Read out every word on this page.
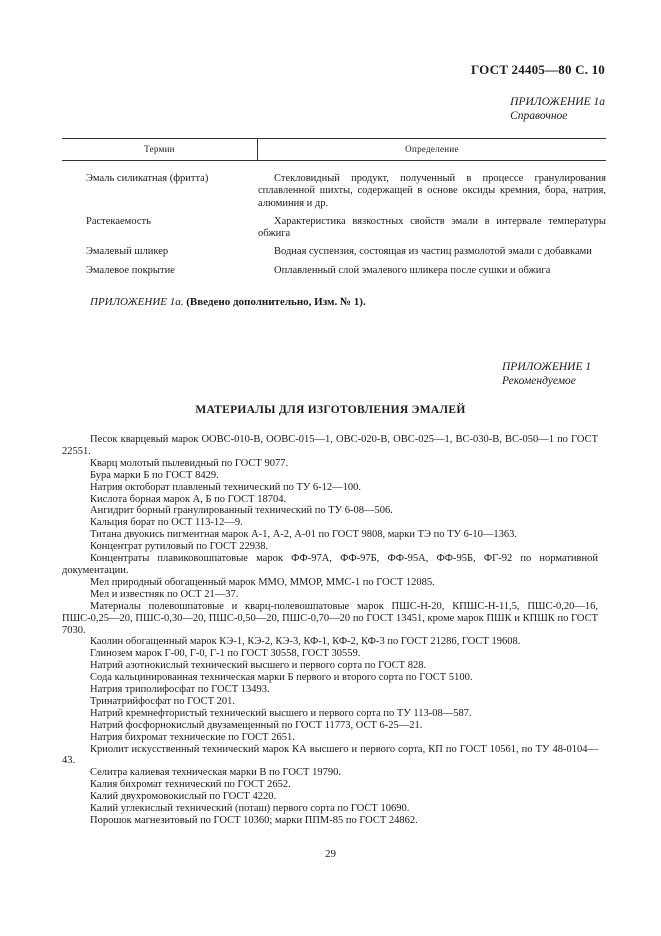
ГОСТ 24405—80 С. 10
ПРИЛОЖЕНИЕ 1а
Справочное
Термин	Определение
Эмаль силикатная (фритта)	Стекловидный продукт, полученный в процессе гранулирования сплавленной шихты, содержащей в основе оксиды кремния, бора, натрия, алюминия и др.
Растекаемость	Характеристика вязкостных свойств эмали в интервале температуры обжига
Эмалевый шликер	Водная суспензия, состоящая из частиц размолотой эмали с добавками
Эмалевое покрытие	Оплавленный слой эмалевого шликера после сушки и обжига
ПРИЛОЖЕНИЕ 1а. (Введено дополнительно, Изм. № 1).
ПРИЛОЖЕНИЕ 1
Рекомендуемое
МАТЕРИАЛЫ ДЛЯ ИЗГОТОВЛЕНИЯ ЭМАЛЕЙ

Песок кварцевый марок ООВС-010-В, ООВС-015—1, ОВС-020-В, ОВС-025—1, ВС-030-В, ВС-050—1 по ГОСТ 22551.

Кварц молотый пылевидный по ГОСТ 9077.

Бура марки Б по ГОСТ 8429.

Натрия октоборат плавленый технический по ТУ 6-12—100.

Кислота борная марок А, Б по ГОСТ 18704.

Ангидрит борный гранулированный технический по ТУ 6-08—506.

Кальция борат по ОСТ 113-12—9.

Титана двуокись пигментная марок А-1, А-2, А-01 по ГОСТ 9808, марки ТЭ по ТУ 6-10—1363.

Концентрат рутиловый по ГОСТ 22938.

Концентраты плавиковошпатовые марок ФФ-97А, ФФ-97Б, ФФ-95А, ФФ-95Б, ФГ-92 по нормативной документации.

Мел природный обогащенный марок ММО, ММОР, ММС-1 по ГОСТ 12085.

Мел и известняк по ОСТ 21—37.

Материалы полевошпатовые и кварц-полевошпатовые марок ПШС-Н-20, КПШС-Н-11,5, ПШС-0,20—16, ПШС-0,25—20, ПШС-0,30—20, ПШС-0,50—20, ПШС-0,70—20 по ГОСТ 13451, кроме марок ПШК и КПШК по ГОСТ 7030.

Каолин обогащенный марок КЭ-1, КЭ-2, КЭ-3, КФ-1, КФ-2, КФ-3 по ГОСТ 21286, ГОСТ 19608.

Глинозем марок Г-00, Г-0, Г-1 по ГОСТ 30558, ГОСТ 30559.

Натрий азотнокислый технический высшего и первого сорта по ГОСТ 828.

Сода кальцинированная техническая марки Б первого и второго сорта по ГОСТ 5100.

Натрия триполифосфат по ГОСТ 13493.

Тринатрийфосфат по ГОСТ 201.

Натрий кремнефтористый технический высшего и первого сорта по ТУ 113-08—587.

Натрий фосфорнокислый двузамещенный по ГОСТ 11773, ОСТ 6-25—21.

Натрия бихромат технические по ГОСТ 2651.

Криолит искусственный технический марок КА высшего и первого сорта, КП по ГОСТ 10561, по ТУ 48-0104—43.

Селитра калиевая техническая марки В по ГОСТ 19790.

Калия бихромат технический по ГОСТ 2652.

Калий двухромовокислый по ГОСТ 4220.

Калий углекислый технический (поташ) первого сорта по ГОСТ 10690.

Порошок магнезитовый по ГОСТ 10360; марки ППМ-85 по ГОСТ 24862.

29
